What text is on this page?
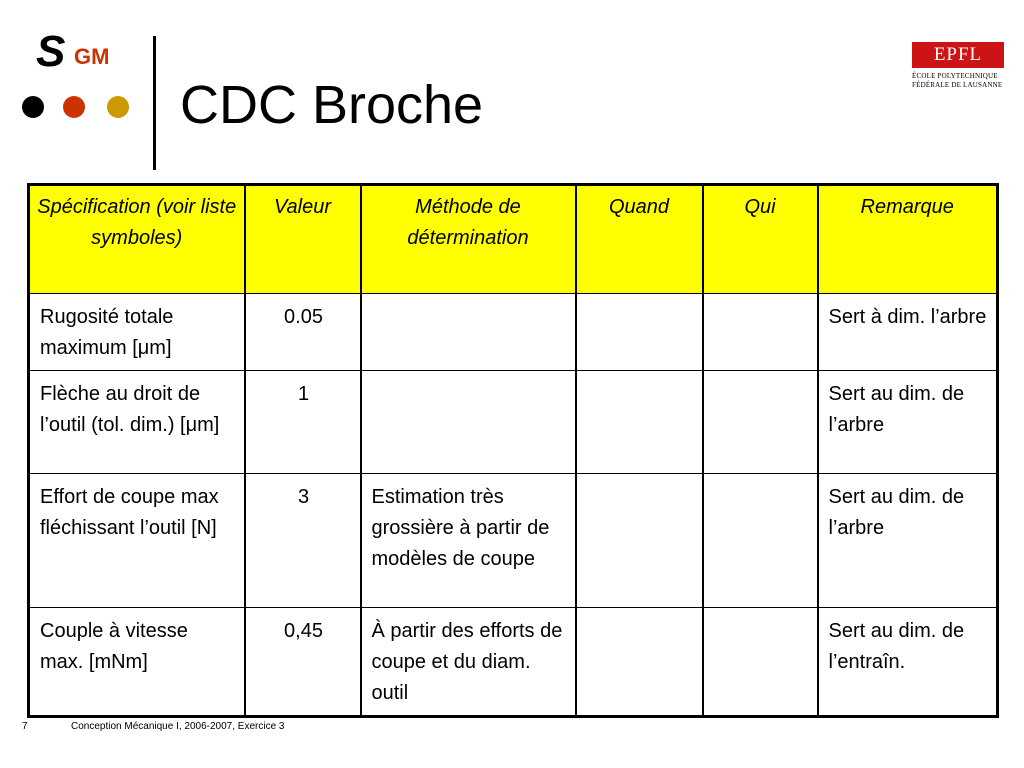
S GM
CDC Broche
EPFL
ÉCOLE POLYTECHNIQUE
FÉDÉRALE DE LAUSANNE
Spécification (voir liste symboles)	Valeur	Méthode de détermination	Quand	Qui	Remarque
Rugosité totale maximum [μm]	0.05				Sert à dim. l’arbre
Flèche au droit de l’outil (tol. dim.) [μm]	1				Sert au dim. de l’arbre
Effort de coupe max fléchissant l’outil [N]	3	Estimation très grossière à partir de modèles de coupe			Sert au dim. de l’arbre
Couple à vitesse max. [mNm]	0,45	À partir des efforts de coupe et du diam. outil			Sert au dim. de l’entraîn.
7	Conception Mécanique I, 2006-2007, Exercice 3
